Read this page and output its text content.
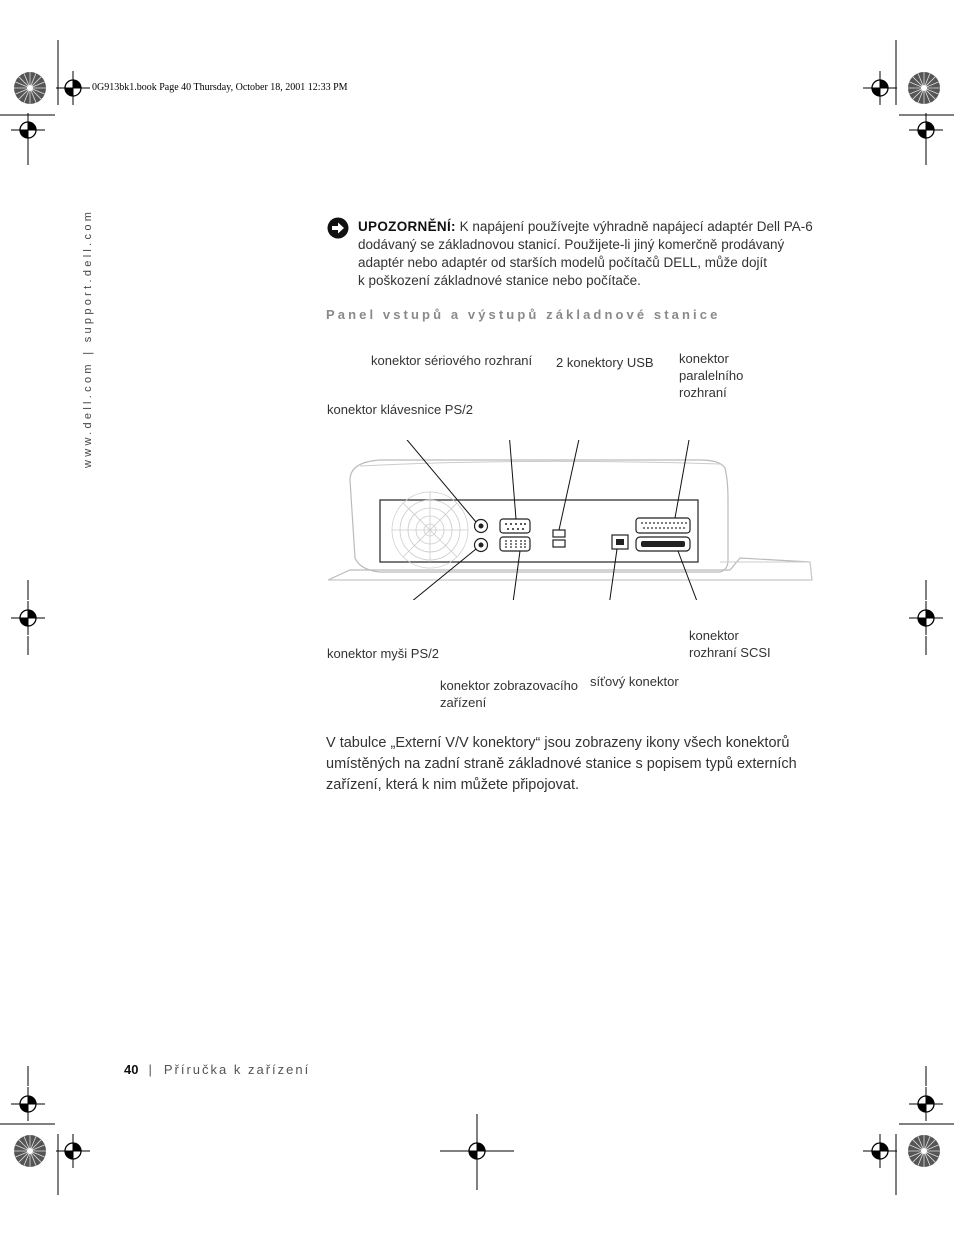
0G913bk1.book Page 40 Thursday, October 18, 2001 12:33 PM
www.dell.com | support.dell.com	UPOZORNĚNÍ: K napájení používejte výhradně napájecí adaptér Dell PA-6

dodávaný se základnovou stanicí. Použijete-li jiný komerčně prodávaný

adaptér nebo adaptér od starších modelů počítačů DELL, může dojít

k poškození základnové stanice nebo počítače.

Panel vstupů a výstupů základnové stanice
konektor sériového rozhraní 2 konektory USB konektor
paralelního
rozhraní
konektor klávesnice PS/2
konektor myši PS/2
konektor zobrazovacího
zařízení
síťový konektor
konektor
rozhraní SCSI

V tabulce „Externí V/V konektory“ jsou zobrazeny ikony všech konektorů

umístěných na zadní straně základnové stanice s popisem typů externích

zařízení, která k nim můžete připojovat.

40 | Příručka k zařízení
